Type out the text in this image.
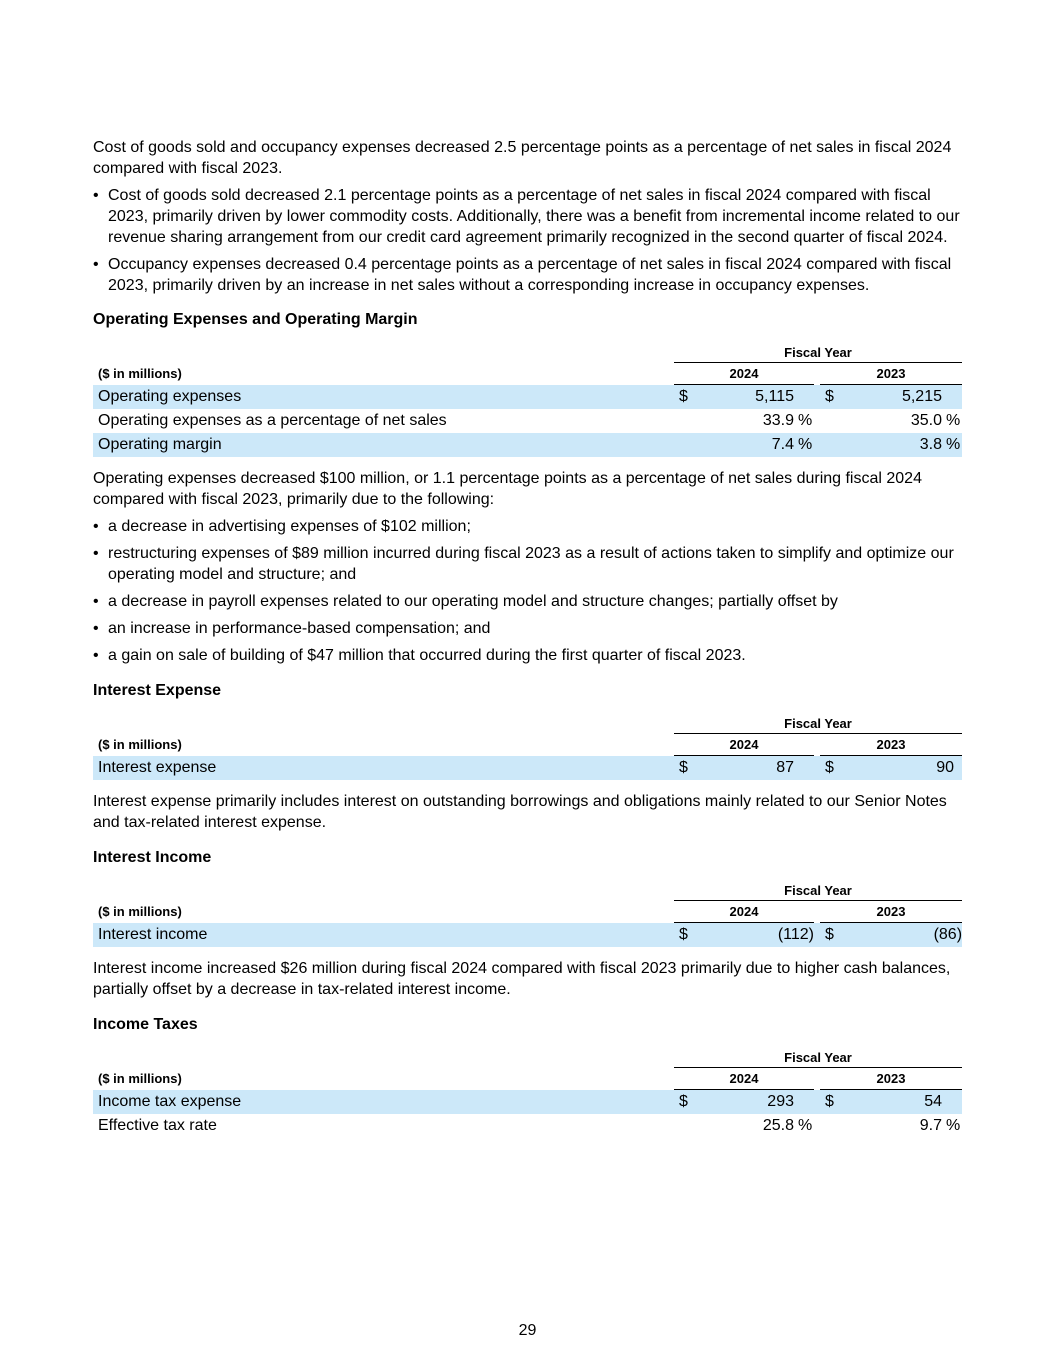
Cost of goods sold and occupancy expenses decreased 2.5 percentage points as a percentage of net sales in fiscal 2024 compared with fiscal 2023.

• Cost of goods sold decreased 2.1 percentage points as a percentage of net sales in fiscal 2024 compared with fiscal 2023, primarily driven by lower commodity costs. Additionally, there was a benefit from incremental income related to our revenue sharing arrangement from our credit card agreement primarily recognized in the second quarter of fiscal 2024.
• Occupancy expenses decreased 0.4 percentage points as a percentage of net sales in fiscal 2024 compared with fiscal 2023, primarily driven by an increase in net sales without a corresponding increase in occupancy expenses.
Operating Expenses and Operating Margin
	Fiscal Year						
($ in millions)	2024				2023		
Operating expenses	$	5,115			$	5,215	
Operating expenses as a percentage of net sales		33.9	%			35.0	%
Operating margin		7.4	%			3.8	%

Operating expenses decreased $100 million, or 1.1 percentage points as a percentage of net sales during fiscal 2024 compared with fiscal 2023, primarily due to the following:

• a decrease in advertising expenses of $102 million;
• restructuring expenses of $89 million incurred during fiscal 2023 as a result of actions taken to simplify and optimize our operating model and structure; and
• a decrease in payroll expenses related to our operating model and structure changes; partially offset by
• an increase in performance-based compensation; and
• a gain on sale of building of $47 million that occurred during the first quarter of fiscal 2023.
Interest Expense
	Fiscal Year					
($ in millions)	2024				2023	
Interest expense	$	87			$	90

Interest expense primarily includes interest on outstanding borrowings and obligations mainly related to our Senior Notes and tax-related interest expense.

Interest Income
	Fiscal Year				
($ in millions)	2024			2023	
Interest income	$	(112)		$	(86)

Interest income increased $26 million during fiscal 2024 compared with fiscal 2023 primarily due to higher cash balances, partially offset by a decrease in tax-related interest income.

Income Taxes
	Fiscal Year						
($ in millions)	2024				2023		
Income tax expense	$	293			$	54	
Effective tax rate		25.8	%			9.7	%
29
